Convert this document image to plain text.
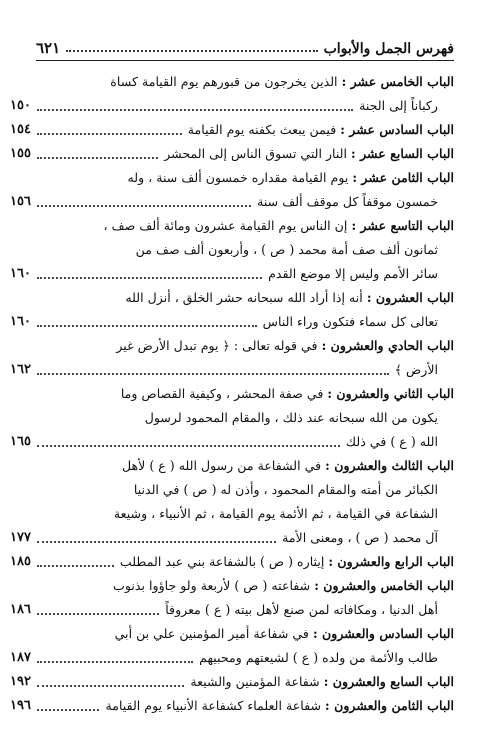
فهرس الجمل والأبواب
٦٢١
الباب الخامس عشر : الذين يخرجون من قبورهم يوم القيامة كساة
ركباناً إلى الجنة
١٥٠
الباب السادس عشر : فيمن يبعث بكفنه يوم القيامة
١٥٤
الباب السابع عشر : النار التي تسوق الناس إلى المحشر
١٥٥
الباب الثامن عشر : يوم القيامة مقداره خمسون ألف سنة ، وله
خمسون موقفاً كل موقف ألف سنة
١٥٦
الباب التاسع عشر : إن الناس يوم القيامة عشرون ومائة ألف صف ،
ثمانون ألف صف أمة محمد ( ص ) ، وأربعون ألف صف من
سائر الأمم وليس إلا موضع القدم
١٦٠
الباب العشرون : أنه إذا أراد الله سبحانه حشر الخلق ، أنزل الله
تعالى كل سماء فتكون وراء الناس
١٦٠
الباب الحادي والعشرون : في قوله تعالى : ﴿ يوم تبدل الأرض غير
الأرض ﴾
١٦٢
الباب الثاني والعشرون : في صفة المحشر ، وكيفية القصاص وما
يكون من الله سبحانه عند ذلك ، والمقام المحمود لرسول
الله ( ع ) في ذلك
١٦٥
الباب الثالث والعشرون : في الشفاعة من رسول الله ( ع ) لأهل
الكبائر من أمته والمقام المحمود ، وأذن له ( ص ) في الدنيا
الشفاعة في القيامة ، ثم الأئمة يوم القيامة ، ثم الأنبياء ، وشيعة
آل محمد ( ص ) ، ومعنى الأمة
١٧٧
الباب الرابع والعشرون : إيثاره ( ص ) بالشفاعة بني عبد المطلب
١٨٥
الباب الخامس والعشرون : شفاعته ( ص ) لأربعة ولو جاؤوا بذنوب
أهل الدنيا ، ومكافاته لمن صنع لأهل بيته ( ع ) معروفاً
١٨٦
الباب السادس والعشرون : في شفاعة أمير المؤمنين علي بن أبي
طالب والأئمة من ولده ( ع ) لشيعتهم ومحبيهم
١٨٧
الباب السابع والعشرون : شفاعة المؤمنين والشيعة
١٩٢
الباب الثامن والعشرون : شفاعة العلماء كشفاعة الأنبياء يوم القيامة
١٩٦
